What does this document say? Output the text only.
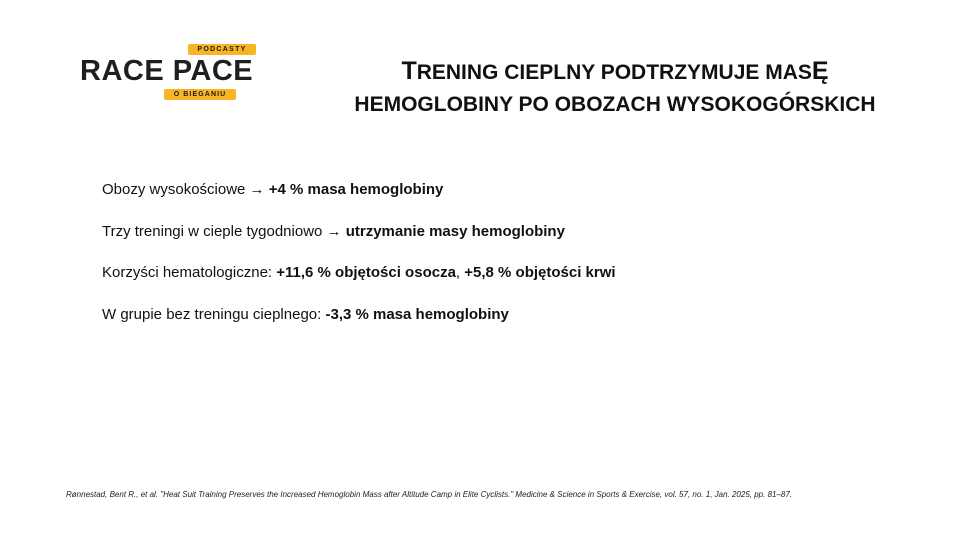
PODCASTY
RACE PACE
O BIEGANIU
TRENING CIEPLNY PODTRZYMUJE MASĘ
HEMOGLOBINY PO OBOZACH WYSOKOGÓRSKICH
Obozy wysokościowe → +4 % masa hemoglobiny
Trzy treningi w cieple tygodniowo → utrzymanie masy hemoglobiny
Korzyści hematologiczne: +11,6 % objętości osocza, +5,8 % objętości krwi
W grupie bez treningu cieplnego: -3,3 % masa hemoglobiny
Rønnestad, Bent R., et al. "Heat Suit Training Preserves the Increased Hemoglobin Mass after Altitude Camp in Elite Cyclists." Medicine & Science in Sports & Exercise, vol. 57, no. 1, Jan. 2025, pp. 81–87.
